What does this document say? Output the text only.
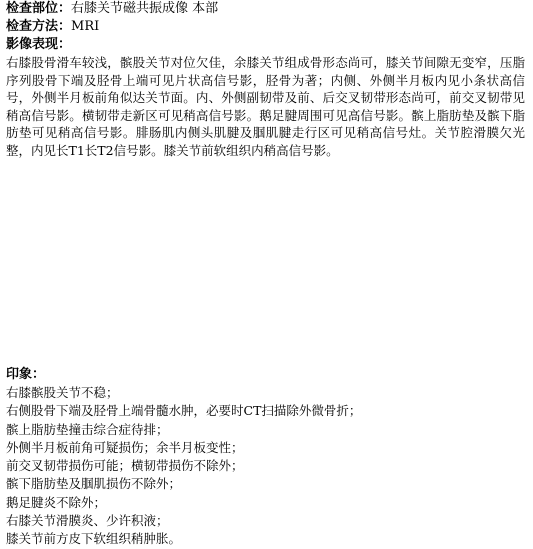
检查部位：右膝关节磁共振成像 本部
检查方法：MRI
影像表现：
右膝股骨滑车较浅，髌股关节对位欠佳，余膝关节组成骨形态尚可，膝关节间隙无变窄，压脂序列股骨下端及胫骨上端可见片状高信号影，胫骨为著；内侧、外侧半月板内见小条状高信号，外侧半月板前角似达关节面。内、外侧副韧带及前、后交叉韧带形态尚可，前交叉韧带见稍高信号影。横韧带走新区可见稍高信号影。鹅足腱周围可见高信号影。髌上脂肪垫及髌下脂肪垫可见稍高信号影。腓肠肌内侧头肌腱及腘肌腱走行区可见稍高信号灶。关节腔滑膜欠光整，内见长T1长T2信号影。膝关节前软组织内稍高信号影。
印象：
右膝髌股关节不稳；
右侧股骨下端及胫骨上端骨髓水肿，必要时CT扫描除外微骨折；
髌上脂肪垫撞击综合症待排；
外侧半月板前角可疑损伤；余半月板变性；
前交叉韧带损伤可能；横韧带损伤不除外；
髌下脂肪垫及腘肌损伤不除外；
鹅足腱炎不除外；
右膝关节滑膜炎、少许积液；
膝关节前方皮下软组织稍肿胀。
